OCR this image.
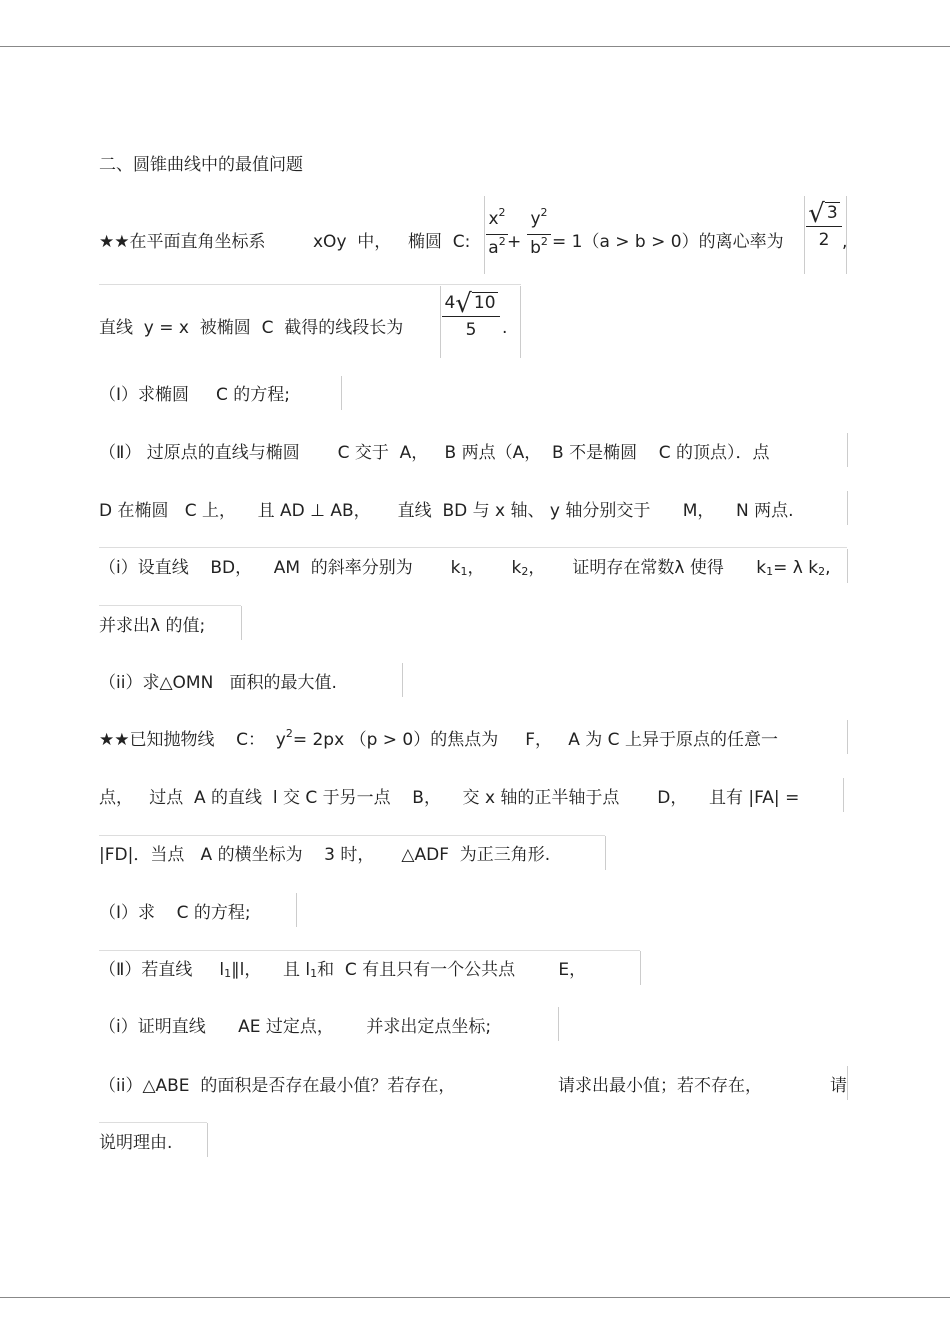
二、圆锥曲线中的最值问题
★★在平面直角坐标系	xOy  中， 椭圆  C:
$x^2$
$a^2$ +
$y^2$
$b^2 = 1(a > b > 0)$的离心率为
√ 3
2 ,
直线  y = x  被椭圆  C  截得的线段长为
4√ 10
5	.
（Ⅰ）求椭圆     C 的方程;
（Ⅱ） 过原点的直线与椭圆       C 交于  A，   B 两点（A，  B 不是椭圆    C 的顶点）．点
D 在椭圆   C 上，    且 AD ⊥ AB，     直线  BD 与 x 轴、 y 轴分别交于      M，    N 两点.
（i）设直线    BD，    AM  的斜率分别为       k1，     k2，     证明存在常数λ 使得      k1= λ k2,
并求出λ 的值;
（ii）求△OMN   面积的最大值.
★★已知抛物线    C：  $y^2= 2px$ （p > 0）的焦点为     F，   A 为 C 上异于原点的任意一
点，   过点  A 的直线  l 交 C 于另一点    B，    交 x 轴的正半轴于点       D，    且有 |FA| =
|FD|．当点   A 的横坐标为    3 时，     △ADF  为正三角形.
（Ⅰ）求    C 的方程;
（Ⅱ）若直线     l1∥l，    且 l1和  C 有且只有一个公共点        E，
（i）证明直线      AE 过定点，      并求出定点坐标;
（ii）△ABE  的面积是否存在最小值？若存在，	请求出最小值；若不存在，	请
说明理由.
